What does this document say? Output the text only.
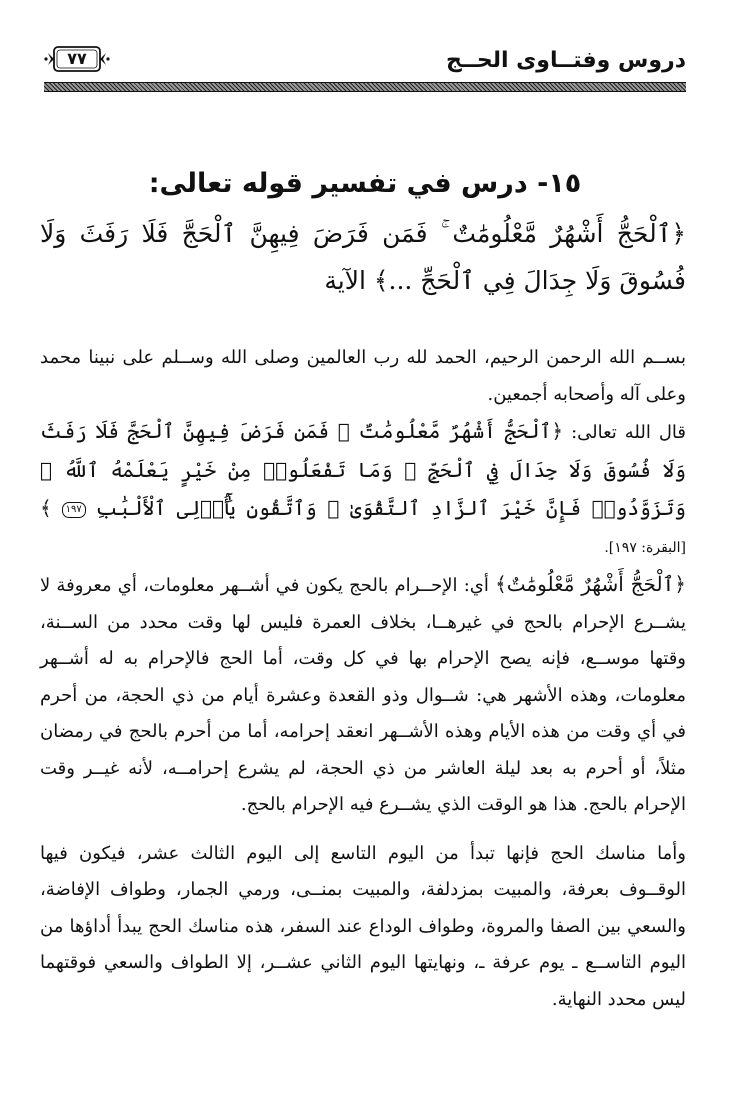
دروس وفتــاوى الحــج
٧٧
١٥- درس في تفسير قوله تعالى:
﴿ٱلْحَجُّ أَشْهُرٌ مَّعْلُومَٰتٌ ۚ فَمَن فَرَضَ فِيهِنَّ ٱلْحَجَّ فَلَا رَفَثَ وَلَا فُسُوقَ وَلَا جِدَالَ فِي ٱلْحَجِّ ...﴾ الآية

بســم الله الرحمن الرحيم، الحمد لله رب العالمين وصلى الله وســلم على نبينا محمد وعلى آله وأصحابه أجمعين.

قال الله تعالى: ﴿ٱلْحَجُّ أَشْهُرٌ مَّعْلُومَٰتٌ ۚ فَمَن فَرَضَ فِيهِنَّ ٱلْحَجَّ فَلَا رَفَثَ وَلَا فُسُوقَ وَلَا جِدَالَ فِي ٱلْحَجِّ ۗ وَمَا تَفْعَلُوا۟ مِنْ خَيْرٍ يَعْلَمْهُ ٱللَّهُ ۗ وَتَزَوَّدُوا۟ فَإِنَّ خَيْرَ ٱلزَّادِ ٱلتَّقْوَىٰ ۚ وَٱتَّقُونِ يَٰٓأُو۟لِى ٱلْأَلْبَٰبِ ١٩٧ ﴾ [البقرة: ١٩٧].

﴿ٱلْحَجُّ أَشْهُرٌ مَّعْلُومَٰتٌ﴾ أي: الإحــرام بالحج يكون في أشــهر معلومات، أي معروفة لا يشــرع الإحرام بالحج في غيرهــا، بخلاف العمرة فليس لها وقت محدد من الســنة، وقتها موســع، فإنه يصح الإحرام بها في كل وقت، أما الحج فالإحرام به له أشــهر معلومات، وهذه الأشهر هي: شــوال وذو القعدة وعشرة أيام من ذي الحجة، من أحرم في أي وقت من هذه الأيام وهذه الأشــهر انعقد إحرامه، أما من أحرم بالحج في رمضان مثلاً، أو أحرم به بعد ليلة العاشر من ذي الحجة، لم يشرع إحرامــه، لأنه غيــر وقت الإحرام بالحج. هذا هو الوقت الذي يشــرع فيه الإحرام بالحج.

وأما مناسك الحج فإنها تبدأ من اليوم التاسع إلى اليوم الثالث عشر، فيكون فيها الوقــوف بعرفة، والمبيت بمزدلفة، والمبيت بمنــى، ورمي الجمار، وطواف الإفاضة، والسعي بين الصفا والمروة، وطواف الوداع عند السفر، هذه مناسك الحج يبدأ أداؤها من اليوم التاســع ـ يوم عرفة ـ، ونهايتها اليوم الثاني عشــر، إلا الطواف والسعي فوقتهما ليس محدد النهاية.
